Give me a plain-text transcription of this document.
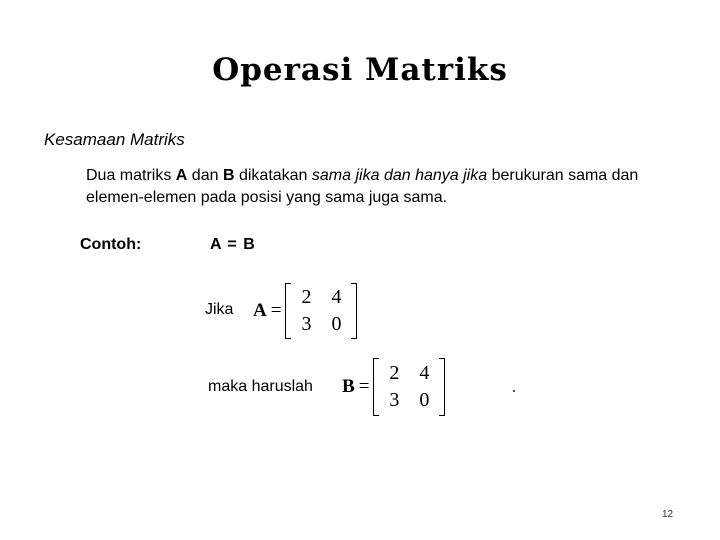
Operasi Matriks
Kesamaan Matriks
Dua matriks A dan B dikatakan sama jika dan hanya jika berukuran sama dan elemen-elemen pada posisi yang sama juga sama.
Contoh:	A = B
Jika A =
2	4
3	0
maka haruslah B =
2	4
3	0
12
